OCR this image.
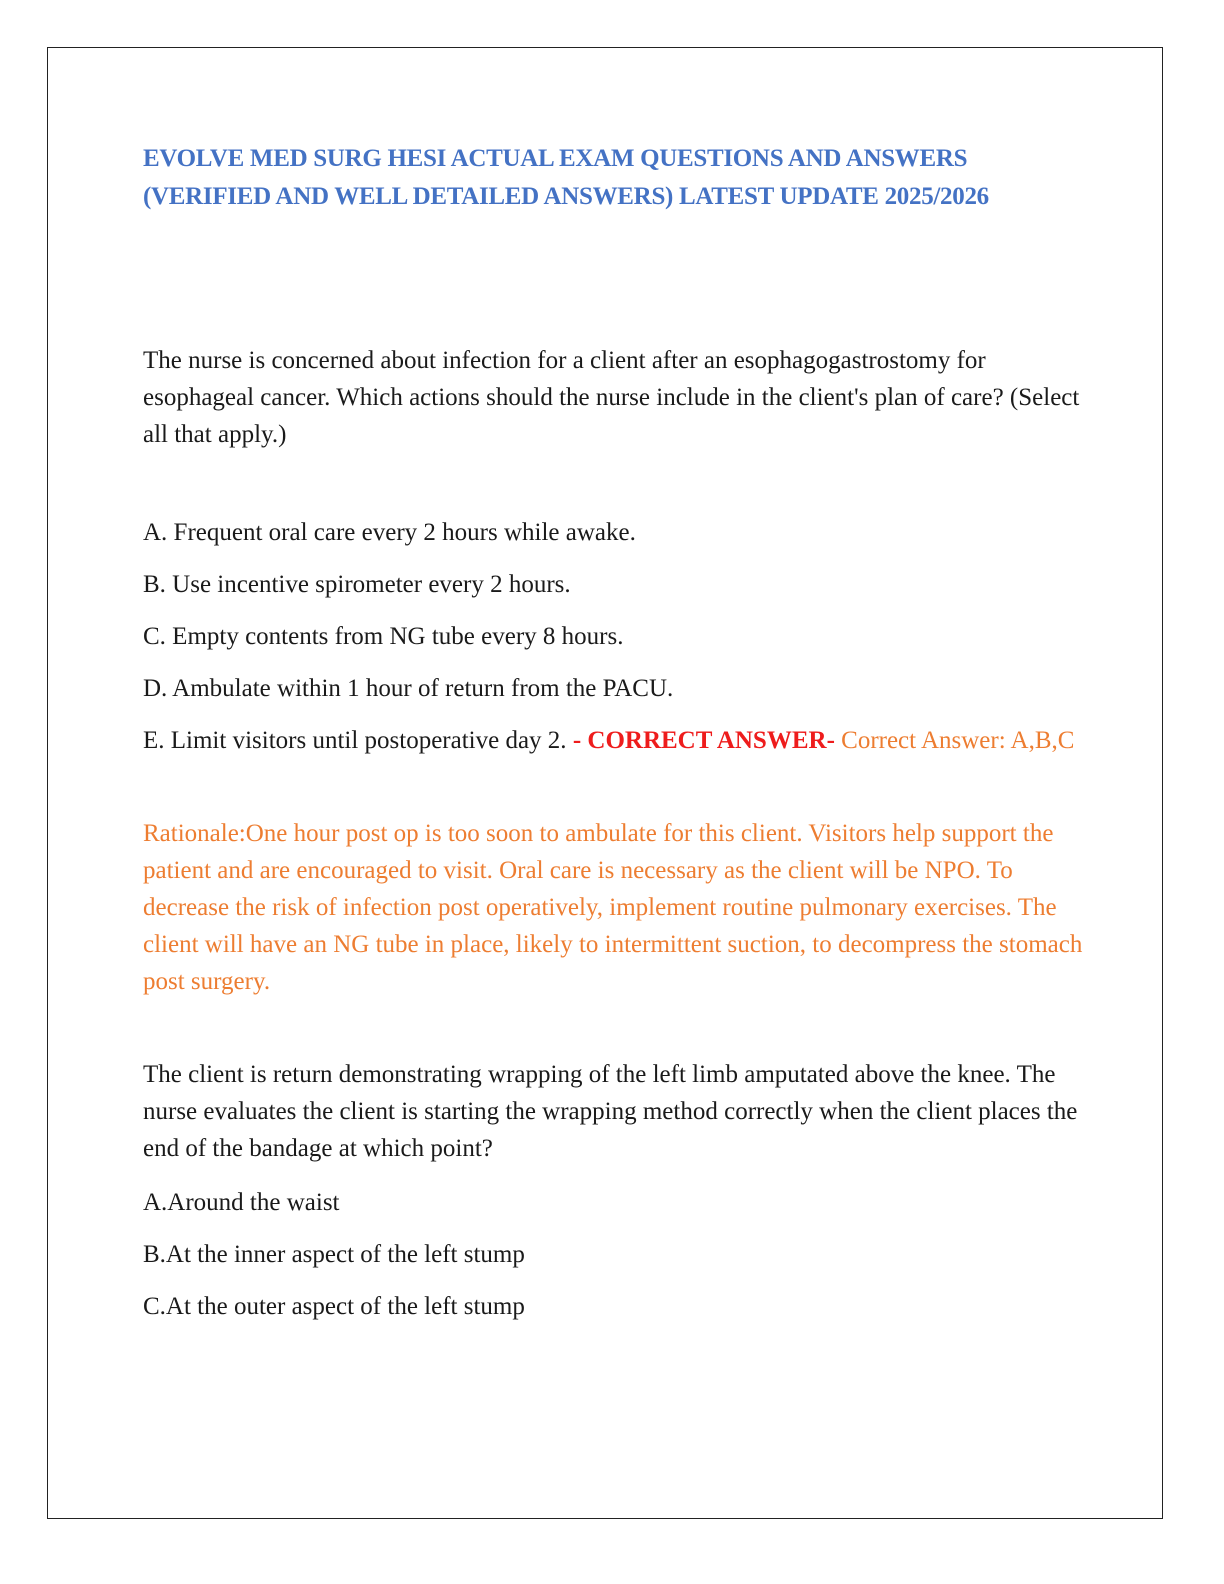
EVOLVE MED SURG HESI ACTUAL EXAM QUESTIONS AND ANSWERS (VERIFIED AND WELL DETAILED ANSWERS) LATEST UPDATE 2025/2026

The nurse is concerned about infection for a client after an esophagogastrostomy for esophageal cancer. Which actions should the nurse include in the client's plan of care? (Select all that apply.)

A. Frequent oral care every 2 hours while awake.

B. Use incentive spirometer every 2 hours.

C. Empty contents from NG tube every 8 hours.

D. Ambulate within 1 hour of return from the PACU.

E. Limit visitors until postoperative day 2. - CORRECT ANSWER- Correct Answer: A,B,C

Rationale:One hour post op is too soon to ambulate for this client. Visitors help support the patient and are encouraged to visit. Oral care is necessary as the client will be NPO. To decrease the risk of infection post operatively, implement routine pulmonary exercises. The client will have an NG tube in place, likely to intermittent suction, to decompress the stomach post surgery.

The client is return demonstrating wrapping of the left limb amputated above the knee. The nurse evaluates the client is starting the wrapping method correctly when the client places the end of the bandage at which point?

A.Around the waist

B.At the inner aspect of the left stump

C.At the outer aspect of the left stump
